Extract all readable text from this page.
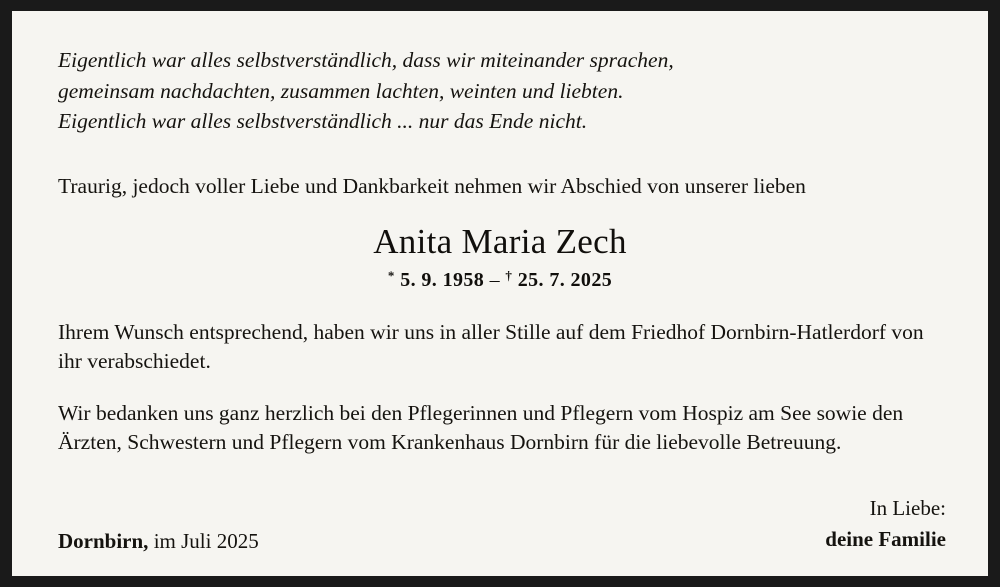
Eigentlich war alles selbstverständlich, dass wir miteinander sprachen,
gemeinsam nachdachten, zusammen lachten, weinten und liebten.
Eigentlich war alles selbstverständlich ... nur das Ende nicht.
Traurig, jedoch voller Liebe und Dankbarkeit nehmen wir Abschied von unserer lieben
Anita Maria Zech
* 5. 9. 1958 – † 25. 7. 2025
Ihrem Wunsch entsprechend, haben wir uns in aller Stille auf dem Friedhof Dornbirn-Hatlerdorf von ihr verabschiedet.
Wir bedanken uns ganz herzlich bei den Pflegerinnen und Pflegern vom Hospiz am See sowie den Ärzten, Schwestern und Pflegern vom Krankenhaus Dornbirn für die liebevolle Betreuung.
Dornbirn, im Juli 2025
In Liebe:
deine Familie
